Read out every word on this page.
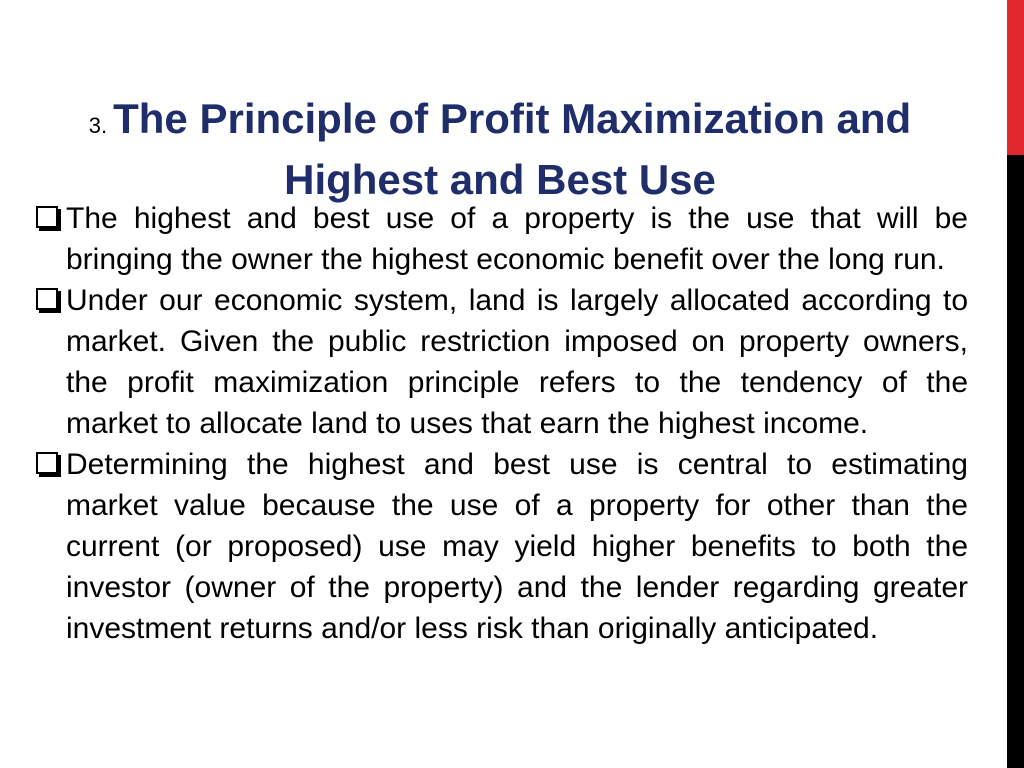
3. The Principle of Profit Maximization and Highest and Best Use
The highest and best use of a property is the use that will be bringing the owner the highest economic benefit over the long run.
Under our economic system, land is largely allocated according to market. Given the public restriction imposed on property owners, the profit maximization principle refers to the tendency of the market to allocate land to uses that earn the highest income.
Determining the highest and best use is central to estimating market value because the use of a property for other than the current (or proposed) use may yield higher benefits to both the investor (owner of the property) and the lender regarding greater investment returns and/or less risk than originally anticipated.
